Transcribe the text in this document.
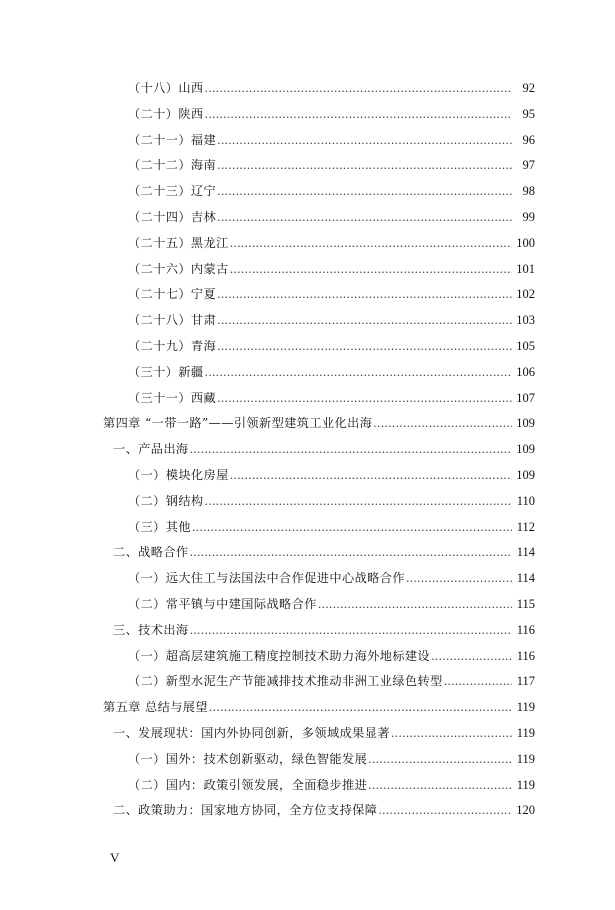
（十八）山西 .....	92
（二十）陕西 .....	95
（二十一）福建 .....	96
（二十二）海南 .....	97
（二十三）辽宁 .....	98
（二十四）吉林 .....	99
（二十五）黑龙江 .....	100
（二十六）内蒙古 .....	101
（二十七）宁夏 .....	102
（二十八）甘肃 .....	103
（二十九）青海 .....	105
（三十）新疆 .....	106
（三十一）西藏 .....	107
第四章 “一带一路”——引领新型建筑工业化出海 .....	109
一、产品出海 .....	109
（一）模块化房屋 .....	109
（二）钢结构 .....	110
（三）其他 .....	112
二、战略合作 .....	114
（一）远大住工与法国法中合作促进中心战略合作 .....	114
（二）常平镇与中建国际战略合作 .....	115
三、技术出海 .....	116
（一）超高层建筑施工精度控制技术助力海外地标建设 .....	116
（二）新型水泥生产节能减排技术推动非洲工业绿色转型 .....	117
第五章 总结与展望 .....	119
一、发展现状：国内外协同创新，多领域成果显著 .....	119
（一）国外：技术创新驱动，绿色智能发展 .....	119
（二）国内：政策引领发展，全面稳步推进 .....	119
二、政策助力：国家地方协同，全方位支持保障 .....	120
V
